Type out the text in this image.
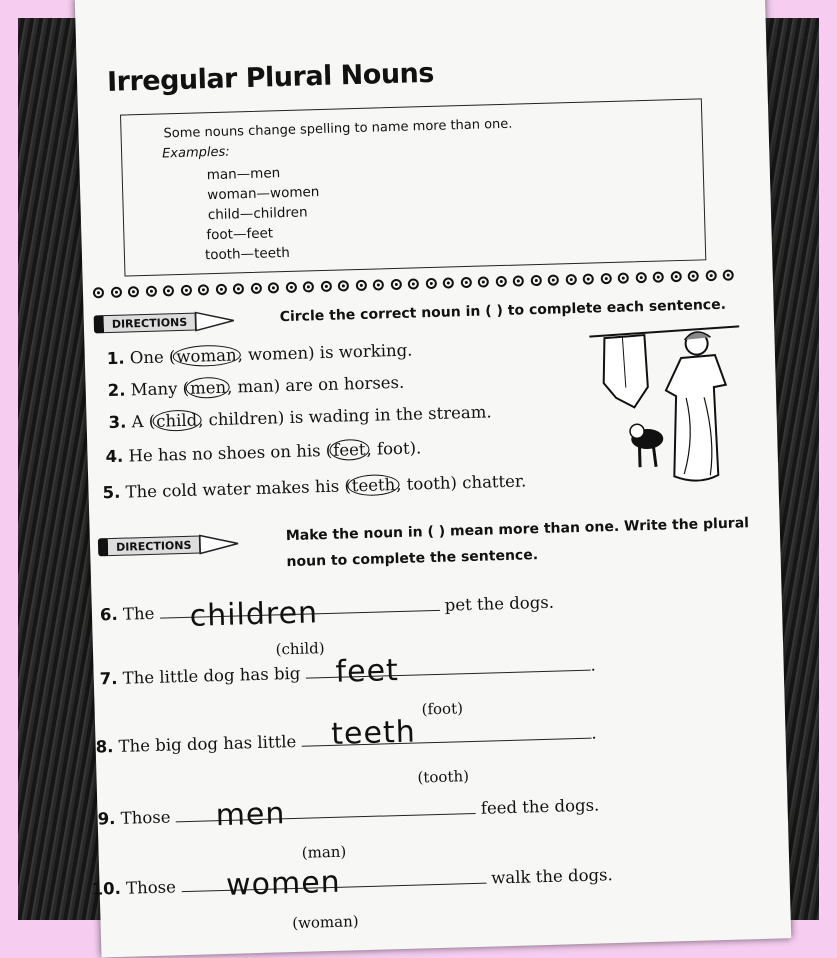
Irregular Plural Nouns
Some nouns change spelling to name more than one.
Examples:
man—men
woman—women
child—children
foot—feet
tooth—teeth
DIRECTIONS	Circle the correct noun in ( ) to complete each sentence.
1. One (woman, women) is working.
2. Many (men, man) are on horses.
3. A (child, children) is wading in the stream.
4. He has no shoes on his (feet, foot).
5. The cold water makes his (teeth, tooth) chatter.
DIRECTIONS
Make the noun in ( ) mean more than one. Write the plural
noun to complete the sentence.
6. The children
(child)
pet the dogs.
7. The little dog has big feet
(foot)
.
8. The big dog has little teeth
(tooth)
.
9. Those men
(man)
feed the dogs.
10. Those women
(woman)
walk the dogs.
